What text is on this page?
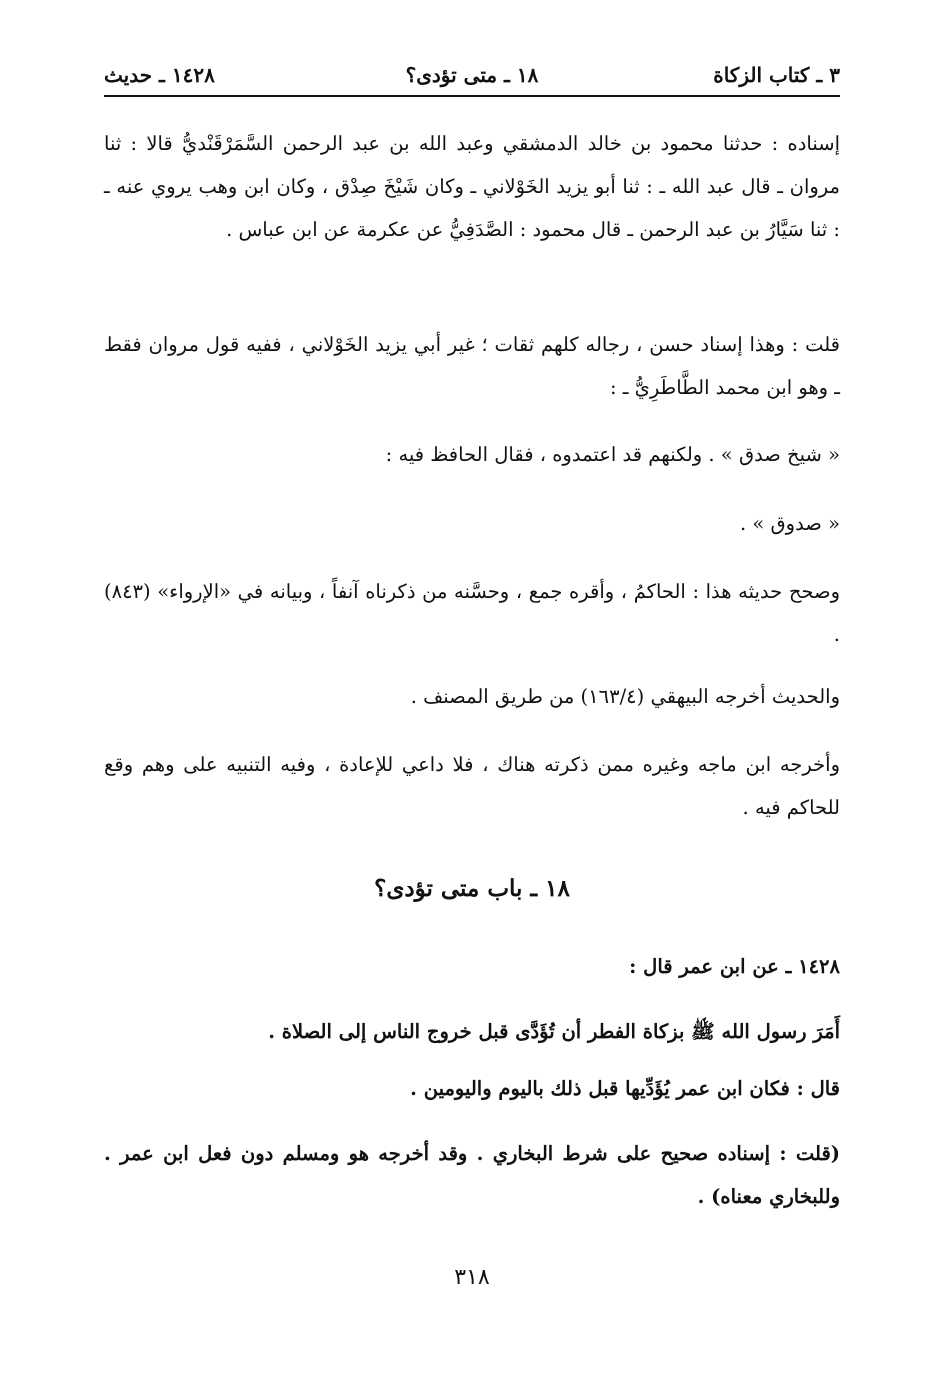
٣ ـ كتاب الزكاة
١٨ ـ متى تؤدى؟
١٤٢٨ ـ حديث

إسناده : حدثنا محمود بن خالد الدمشقي وعبد الله بن عبد الرحمن السَّمَرْقَنْديُّ قالا : ثنا مروان ـ قال عبد الله ـ : ثنا أبو يزيد الخَوْلاني ـ وكان شَيْخَ صِدْق ، وكان ابن وهب يروي عنه ـ : ثنا سَيَّارُ بن عبد الرحمن ـ قال محمود : الصَّدَفِيُّ عن عكرمة عن ابن عباس .

قلت : وهذا إسناد حسن ، رجاله كلهم ثقات ؛ غير أبي يزيد الخَوْلاني ، ففيه قول مروان فقط ـ وهو ابن محمد الطَّاطَرِيُّ ـ :

« شيخ صدق » . ولكنهم قد اعتمدوه ، فقال الحافظ فيه :

« صدوق » .

وصحح حديثه هذا : الحاكمُ ، وأقره جمع ، وحسَّنه من ذكرناه آنفاً ، وبيانه في «الإرواء» (٨٤٣) .

والحديث أخرجه البيهقي (١٦٣/٤) من طريق المصنف .

وأخرجه ابن ماجه وغيره ممن ذكرته هناك ، فلا داعي للإعادة ، وفيه التنبيه على وهم وقع للحاكم فيه .

١٨ ـ باب متى تؤدى؟

١٤٢٨ ـ عن ابن عمر قال :

أَمَرَ رسول الله ﷺ بزكاة الفطر أن تُؤَدَّى قبل خروج الناس إلى الصلاة .

قال : فكان ابن عمر يُؤَدِّيها قبل ذلك باليوم واليومين .

(قلت : إسناده صحيح على شرط البخاري . وقد أخرجه هو ومسلم دون فعل ابن عمر . وللبخاري معناه) .

٣١٨
